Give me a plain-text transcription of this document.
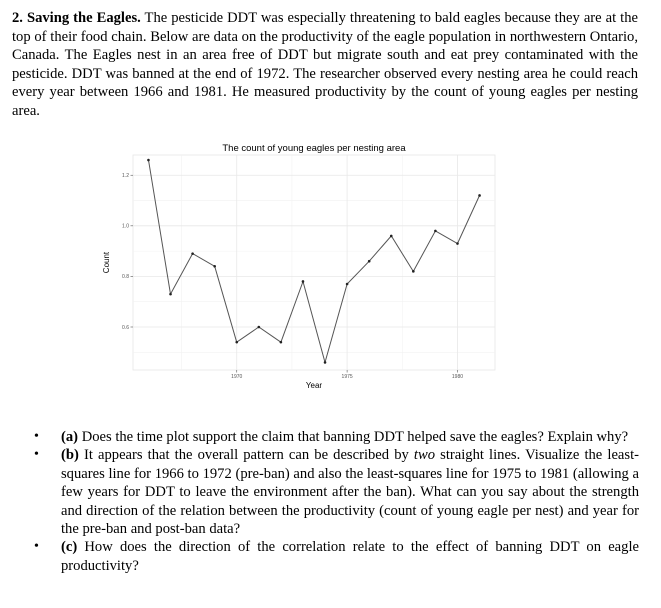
2. Saving the Eagles. The pesticide DDT was especially threatening to bald eagles because they are at the top of their food chain. Below are data on the productivity of the eagle population in northwestern Ontario, Canada. The Eagles nest in an area free of DDT but migrate south and eat prey contaminated with the pesticide. DDT was banned at the end of 1972. The researcher observed every nesting area he could reach every year between 1966 and 1981. He measured productivity by the count of young eagles per nesting area.

The count of young eagles per nesting area
0.6
0.8
1.0
1.2
1970	1975	1980
Year
Count
• (a) Does the time plot support the claim that banning DDT helped save the eagles? Explain why?
• (b) It appears that the overall pattern can be described by two straight lines. Visualize the least-squares line for 1966 to 1972 (pre-ban) and also the least-squares line for 1975 to 1981 (allowing a few years for DDT to leave the environment after the ban). What can you say about the strength and direction of the relation between the productivity (count of young eagle per nest) and year for the pre-ban and post-ban data?
• (c) How does the direction of the correlation relate to the effect of banning DDT on eagle productivity?
